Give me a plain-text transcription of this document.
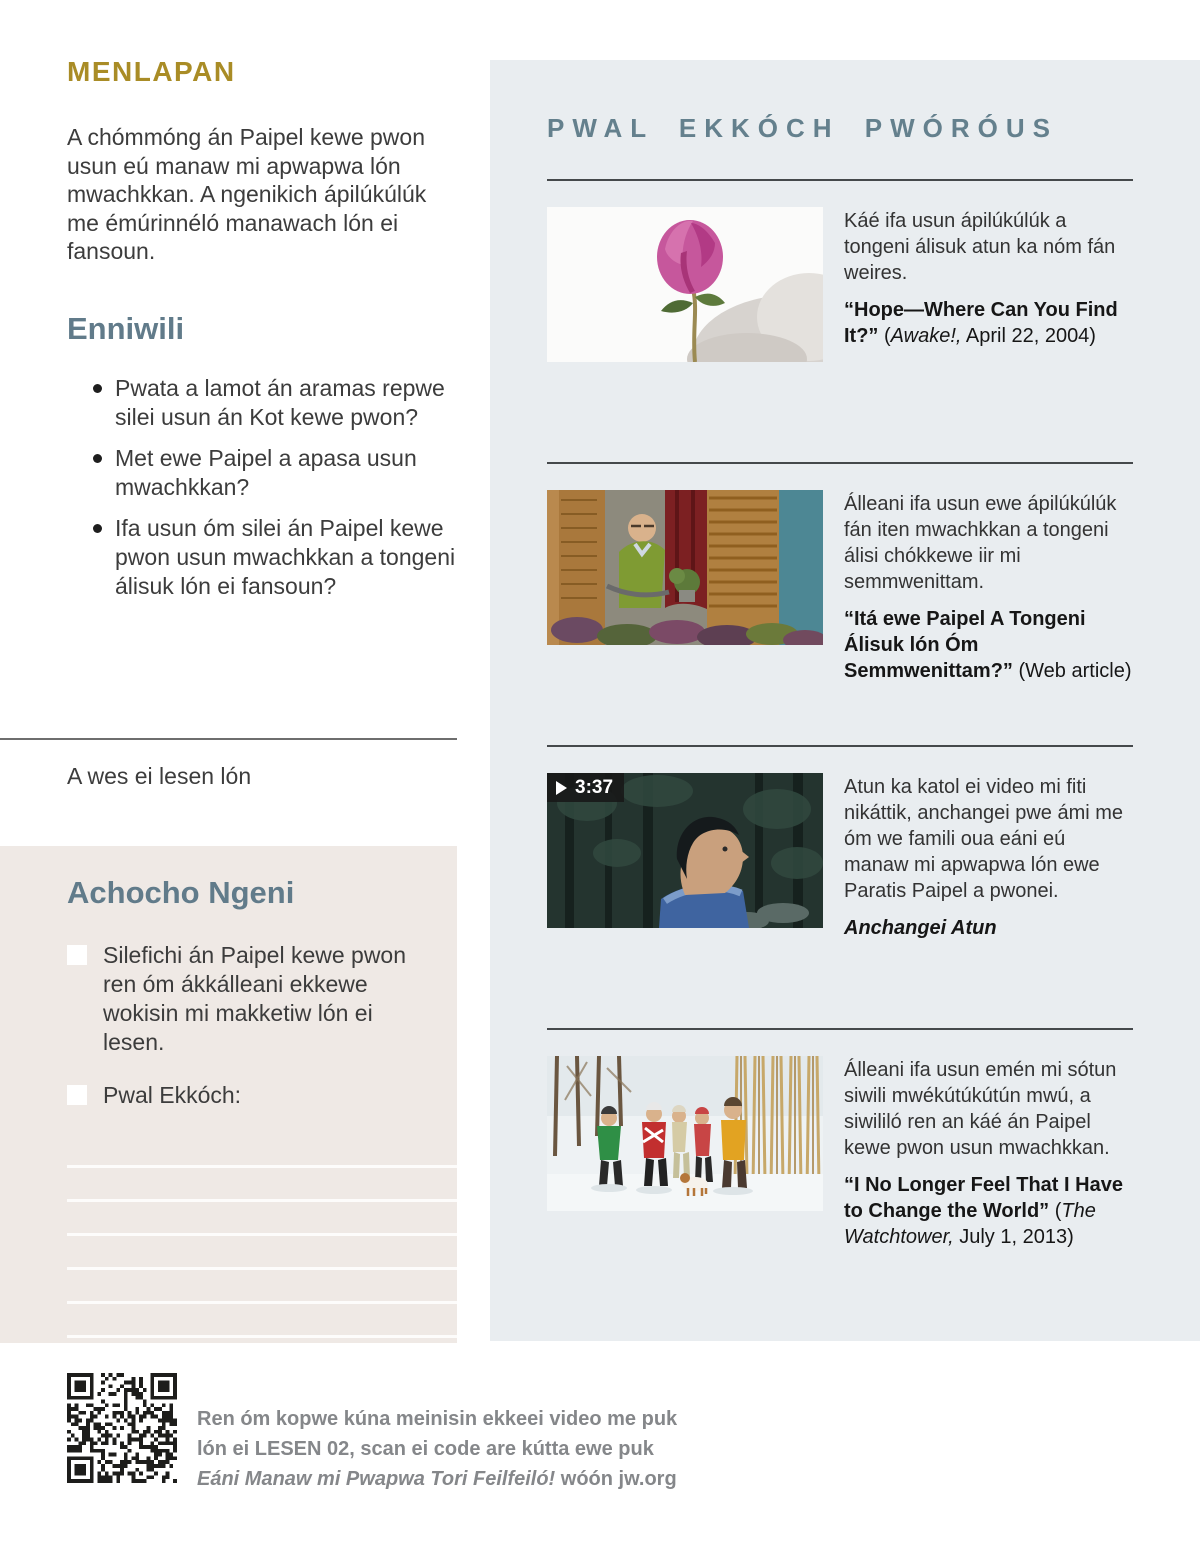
MENLAPAN

A chómmóng án Paipel kewe pwon usun eú manaw mi apwapwa lón mwachkkan. A ngenikich ápilúkúlúk me émúrinnéló manawach lón ei fansoun.

Enniwili
Pwata a lamot án aramas repwe silei usun án Kot kewe pwon?
Met ewe Paipel a apasa usun mwachkkan?
Ifa usun óm silei án Paipel kewe pwon usun mwachkkan a tongeni álisuk lón ei fansoun?
A wes ei lesen lón
Achocho Ngeni
Silefichi án Paipel kewe pwon ren óm ákkálleani ekkewe wokisin mi makketiw lón ei lesen.
Pwal Ekkóch:
Ren óm kopwe kúna meinisin ekkeei video me puk
lón ei LESEN 02, scan ei code are kútta ewe puk
Eáni Manaw mi Pwapwa Tori Feilfeiló! wóón jw.org
PWAL EKKÓCH PWÓRÓUS

Káé ifa usun ápilúkúlúk a tongeni álisuk atun ka nóm fán weires.

“Hope—Where Can You Find It?” (Awake!, April 22, 2004)

Álleani ifa usun ewe ápilúkúlúk fán iten mwachkkan a tongeni álisi chókkewe iir mi semmwenittam.

“Itá ewe Paipel A Tongeni Álisuk lón Óm Semmwenittam?” (Web article)

3:37	Atun ka katol ei video mi fiti nikáttik, anchangei pwe ámi me óm we famili oua eáni eú manaw mi apwapwa lón ewe Paratis Paipel a pwonei.

Anchangei Atun

Álleani ifa usun emén mi sótun siwili mwékútúkútún mwú, a siwililó ren an káé án Paipel kewe pwon usun mwachkkan.

“I No Longer Feel That I Have to Change the World” (The Watchtower, July 1, 2013)
